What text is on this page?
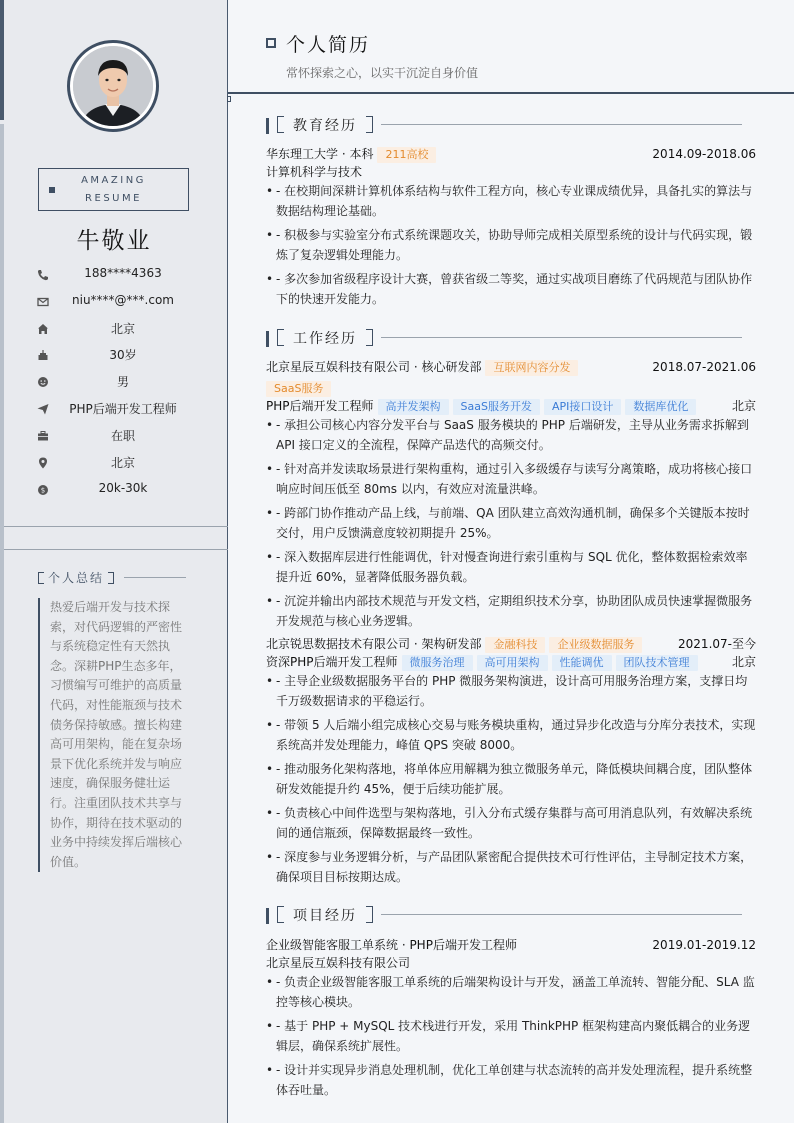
AMAZING
RESUME
牛敬业
188****4363
niu****@***.com
北京
30岁
男
PHP后端开发工程师
在职
北京
$	20k-30k
个人总结
热爱后端开发与技术探索，对代码逻辑的严密性与系统稳定性有天然执念。深耕PHP生态多年，习惯编写可维护的高质量代码，对性能瓶颈与技术债务保持敏感。擅长构建高可用架构，能在复杂场景下优化系统并发与响应速度，确保服务健壮运行。注重团队技术共享与协作，期待在技术驱动的业务中持续发挥后端核心价值。
个人简历
常怀探索之心，以实干沉淀自身价值
教育经历
华东理工大学 · 本科 211高校	2014.09-2018.06
计算机科学与技术
• - 在校期间深耕计算机体系结构与软件工程方向，核心专业课成绩优异，具备扎实的算法与数据结构理论基础。
• - 积极参与实验室分布式系统课题攻关，协助导师完成相关原型系统的设计与代码实现，锻炼了复杂逻辑处理能力。
• - 多次参加省级程序设计大赛，曾获省级二等奖，通过实战项目磨练了代码规范与团队协作下的快速开发能力。
工作经历
北京星辰互娱科技有限公司 · 核心研发部 互联网内容分发	2018.07-2021.06
SaaS服务
PHP后端开发工程师 高并发架构 SaaS服务开发 API接口设计 数据库优化	北京
• - 承担公司核心内容分发平台与 SaaS 服务模块的 PHP 后端研发，主导从业务需求拆解到 API 接口定义的全流程，保障产品迭代的高频交付。
• - 针对高并发读取场景进行架构重构，通过引入多级缓存与读写分离策略，成功将核心接口响应时间压低至 80ms 以内，有效应对流量洪峰。
• - 跨部门协作推动产品上线，与前端、QA 团队建立高效沟通机制，确保多个关键版本按时交付，用户反馈满意度较初期提升 25%。
• - 深入数据库层进行性能调优，针对慢查询进行索引重构与 SQL 优化，整体数据检索效率提升近 60%，显著降低服务器负载。
• - 沉淀并输出内部技术规范与开发文档，定期组织技术分享，协助团队成员快速掌握微服务开发规范与核心业务逻辑。
北京锐思数据技术有限公司 · 架构研发部 金融科技 企业级数据服务	2021.07-至今
资深PHP后端开发工程师 微服务治理 高可用架构 性能调优 团队技术管理	北京
• - 主导企业级数据服务平台的 PHP 微服务架构演进，设计高可用服务治理方案，支撑日均千万级数据请求的平稳运行。
• - 带领 5 人后端小组完成核心交易与账务模块重构，通过异步化改造与分库分表技术，实现系统高并发处理能力，峰值 QPS 突破 8000。
• - 推动服务化架构落地，将单体应用解耦为独立微服务单元，降低模块间耦合度，团队整体研发效能提升约 45%，便于后续功能扩展。
• - 负责核心中间件选型与架构落地，引入分布式缓存集群与高可用消息队列，有效解决系统间的通信瓶颈，保障数据最终一致性。
• - 深度参与业务逻辑分析，与产品团队紧密配合提供技术可行性评估，主导制定技术方案，确保项目目标按期达成。
项目经历
企业级智能客服工单系统 · PHP后端开发工程师	2019.01-2019.12
北京星辰互娱科技有限公司
• - 负责企业级智能客服工单系统的后端架构设计与开发，涵盖工单流转、智能分配、SLA 监控等核心模块。
• - 基于 PHP + MySQL 技术栈进行开发，采用 ThinkPHP 框架构建高内聚低耦合的业务逻辑层，确保系统扩展性。
• - 设计并实现异步消息处理机制，优化工单创建与状态流转的高并发处理流程，提升系统整体吞吐量。
